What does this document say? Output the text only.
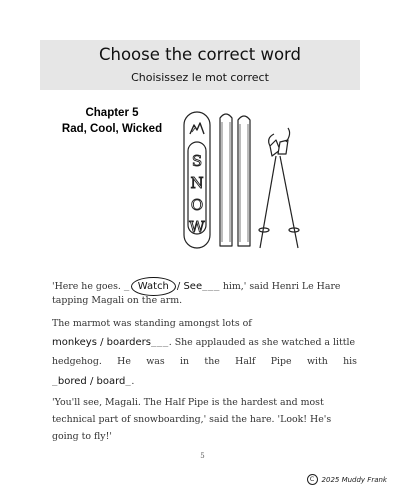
Choose the correct word
Choisissez le mot correct
Chapter 5
Rad, Cool, Wicked
S
N
O
W
'Here he goes. _ Watch / See___ him,' said Henri Le Hare
tapping Magali on the arm.
The marmot was standing amongst lots of
monkeys / boarders___. She applauded as she watched a little
hedgehog. He was in the Half Pipe with his
_bored / board_.
'You'll see, Magali. The Half Pipe is the hardest and most
technical part of snowboarding,' said the hare. 'Look! He's
going to fly!'
5
C	2025 Muddy Frank
